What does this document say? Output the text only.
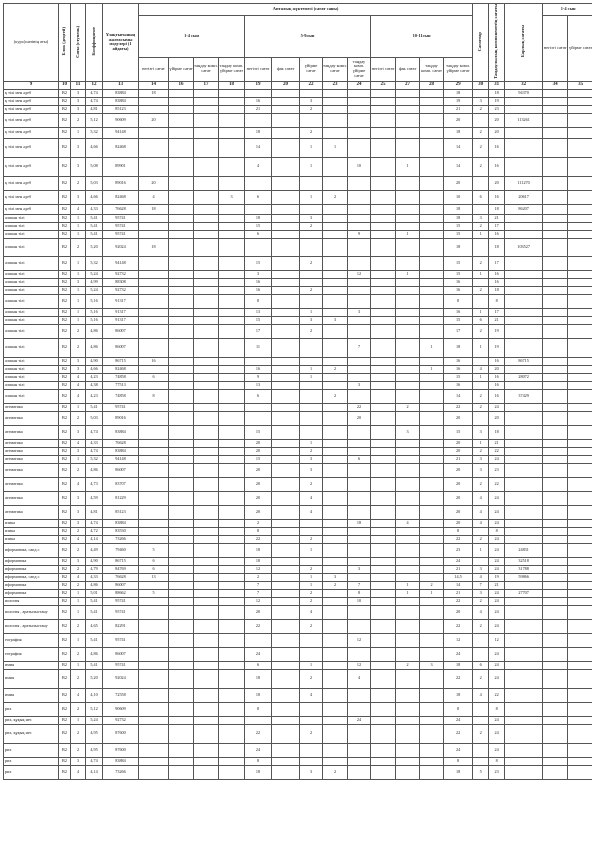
(курс(пәнінің аты)	Блок (деңгей)	Саты (ступень)	Коэффициент	Ұзақтығының жалғасымы модулері (1 айдағы)	Апталық жүктемесі (сағат саны)													Сағаттар	Таңдаулылық компоненттің сағаты	Барлық сағаты	1-4 сын		
					1-4 сын				5-9сын					10-11сын							негізгі сағат	үйірме сағат	
					негізгі сағат	үйірме сағат	таңдау комп. сағат	таңдау комп. үйірме сағат	негізгі сағат	фак сағат	үйірме сағат	таңдау комп. сағат	таңдау комп. үйірме сағат	негізгі сағат	фак сағат	таңдау комп. сағат	таңдау комп. үйірме сағат						
9	10	11	12	13	14	16	17	18	19	20	22	23	24	25	27	28	29	30	31	32	34	35	
қ тілі мен әдеб	B2	3	4,74	83884	18												18		18	94370			
қ тілі мен әдеб	B2	3	4,74	83884					16		3						19	3	19				
қ тілі мен әдеб	B2	3	4,81	85123					21		2						21	2	23				
қ тілі мен әдеб	B2	2	5,12	90609	20												20		20	113261			
қ тілі мен әдеб	B2	1	5,32	94148					18		2						18	2	20				
қ тілі мен әдеб	B2	3	4,66	82468					14		1	1					14	2	16				
қ тілі мен әдеб	B2	3	5,08	89901					4		1		10		1		14	2	16				
қ тілі мен әдеб	B2	2	5,03	89016	20												20		20	111270			
қ тілі мен әдеб	B2	3	4,66	82468	4			3	6		1	2					10	6	16	20617			
қ тілі мен әдеб	B2	4	4,33	76628	18												18		18	86207			
алшын тілі	B2	1	5,41	95741					18		3						18	3	21				
алшын тілі	B2	1	5,41	95741					15		2						15	2	17				
алшын тілі	B2	1	5,41	95741					6				9		1		15	1	16				
алшын тілі	B2	2	5,20	92024	18												18		18	103527			
алшын тілі	B2	1	5,32	94148					15		2						15	2	17				
алшын тілі	B2	1	5,24	92732					3				12		1		15	1	16				
алшын тілі	B2	3	4,99	88308					16								16		16				
алшын тілі	B2	1	5,24	92732					16		2						16	2	18				
алшын тілі	B2	1	5,16	91317					8								8		8				
алшын тілі	B2	1	5,16	91317					13		1		3				16	1	17				
алшын тілі	B2	1	5,16	91317					15		3	3					15	6	21				
алшын тілі	B2	2	4,86	86007					17		2						17	2	19				
алшын тілі	B2	2	4,86	86007					11				7			1	18	1	19				
алшын тілі	B2	3	4,90	86715	16												16		16	86715			
алшын тілі	B2	3	4,66	82468					16		1	2				1	16	4	20				
алшын тілі	B2	4	4,23	74858	6				9		1						15	1	16	28072			
алшын тілі	B2	4	4,38	77513					13				3				16		16				
алшын тілі	B2	4	4,23	74858	8				6			2					14	2	16	37429			
атематика	B2	1	5,41	95741									22		2		22	2	24				
атематика	B2	2	5,03	89016									20				20		20				
атематика	B2	3	4,74	83884					15						3		15	3	18				
атематика	B2	4	4,33	76628					20		1						20	1	21				
атематика	B2	3	4,74	83884					20		2						20	2	22				
атематика	B2	1	5,32	94148					15		3		6				21	3	24				
атематика	B2	2	4,86	86007					20		3						20	3	23				
атематика	B2	4	4,73	83707					20		2						20	2	22				
атематика	B2	3	4,59	81229					20		4						20	4	24				
атематика	B2	3	4,81	85123					20		4						20	4	24				
изика	B2	3	4,74	83884					2				18		4		20	4	24				
изика	B2	2	4,72	83530					8								8		8				
изика	B2	4	4,14	73266					22		2						22	2	24				
иформатика, сапд.с	B2	2	4,49	79460	5				18		1						23	1	24	24831			
иформатика	B2	3	4,90	86715	6				18								24		24	32518			
иформатика	B2	2	4,79	84769	6				12		2		3				21	3	24	31788			
иформатика, сапд.с	B2	4	4,33	76628	13				2		1	3					14,5	4	19	59866			
иформатика	B2	2	4,86	86007					7		1	2	7		1	2	14	7	21				
иформатика	B2	1	5,01	88662	5				7		2		8		1	1	21	3	24	27707			
иология	B2	1	5,41	95741					12		2		10				22	2	24				
иология , аратылыстану	B2	1	5,41	95741					20		4						20	4	24				
иология , аратылыстану	B2	2	4,65	82291					22		2						22	2	24				
еография	B2	1	5,41	95741									12				12		12				
еография	B2	2	4,86	86007					24								24		24				
имия	B2	1	5,41	95741					6		1		12		2	3	18	6	24				
имия	B2	2	5,20	92024					18		2		4				22	2	24				
имия	B2	4	4,10	72558					18		4						18	4	22				
рих	B2	2	5,12	90609					8								8		8				
рих, құқық нег.	B2	1	5,24	92732									24				24		24				
рих, құқық нег.	B2	2	4,95	87600					22		2						22	2	24				
рих	B2	2	4,95	87600					24								24		24				
рих	B2	3	4,74	83884					8								8		8				
рих	B2	4	4,14	73266					18		3	2					18	5	23				
